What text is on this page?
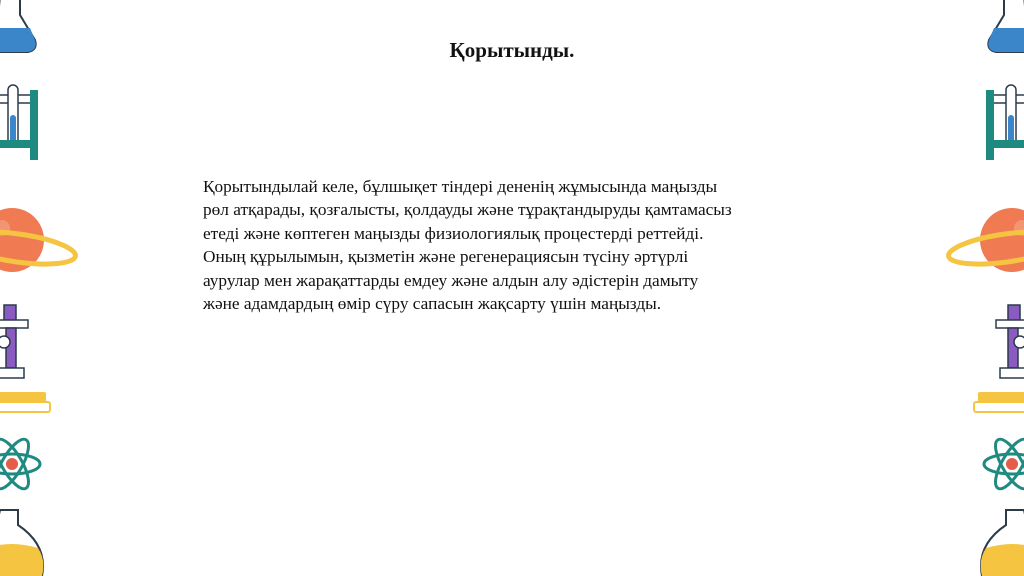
Қорытынды.
Қорытындылай келе, бұлшықет тіндері дененің жұмысында маңызды
рөл атқарады, қозғалысты, қолдауды және тұрақтандыруды қамтамасыз
етеді және көптеген маңызды физиологиялық процестерді реттейді.
Оның құрылымын, қызметін және регенерациясын түсіну әртүрлі
аурулар мен жарақаттарды емдеу және алдын алу әдістерін дамыту
және адамдардың өмір сүру сапасын жақсарту үшін маңызды.
